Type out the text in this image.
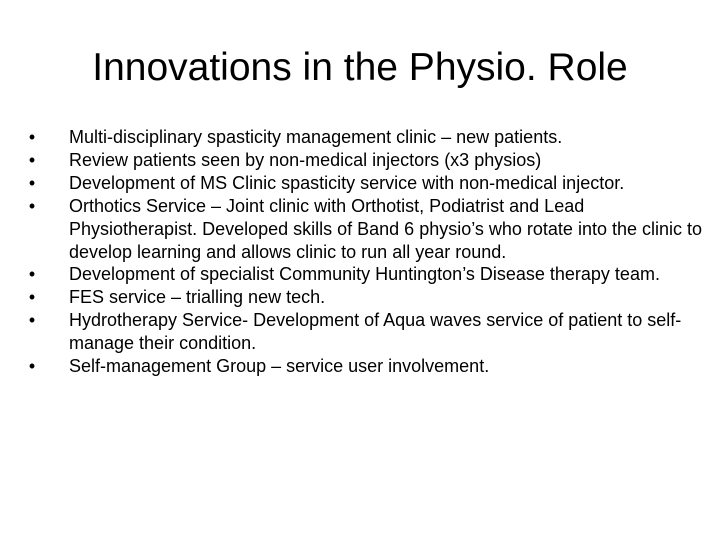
Innovations in the Physio. Role
• Multi-disciplinary spasticity management clinic – new patients.
• Review patients seen by non-medical injectors (x3 physios)
• Development of MS Clinic spasticity service with non-medical injector.
• Orthotics Service – Joint clinic with Orthotist, Podiatrist and Lead Physiotherapist. Developed skills of Band 6 physio’s who rotate into the clinic to develop learning and allows clinic to run all year round.
• Development of specialist Community Huntington’s Disease therapy team.
• FES service – trialling new tech.
• Hydrotherapy Service- Development of Aqua waves service of patient to self-manage their condition.
• Self-management Group – service user involvement.
